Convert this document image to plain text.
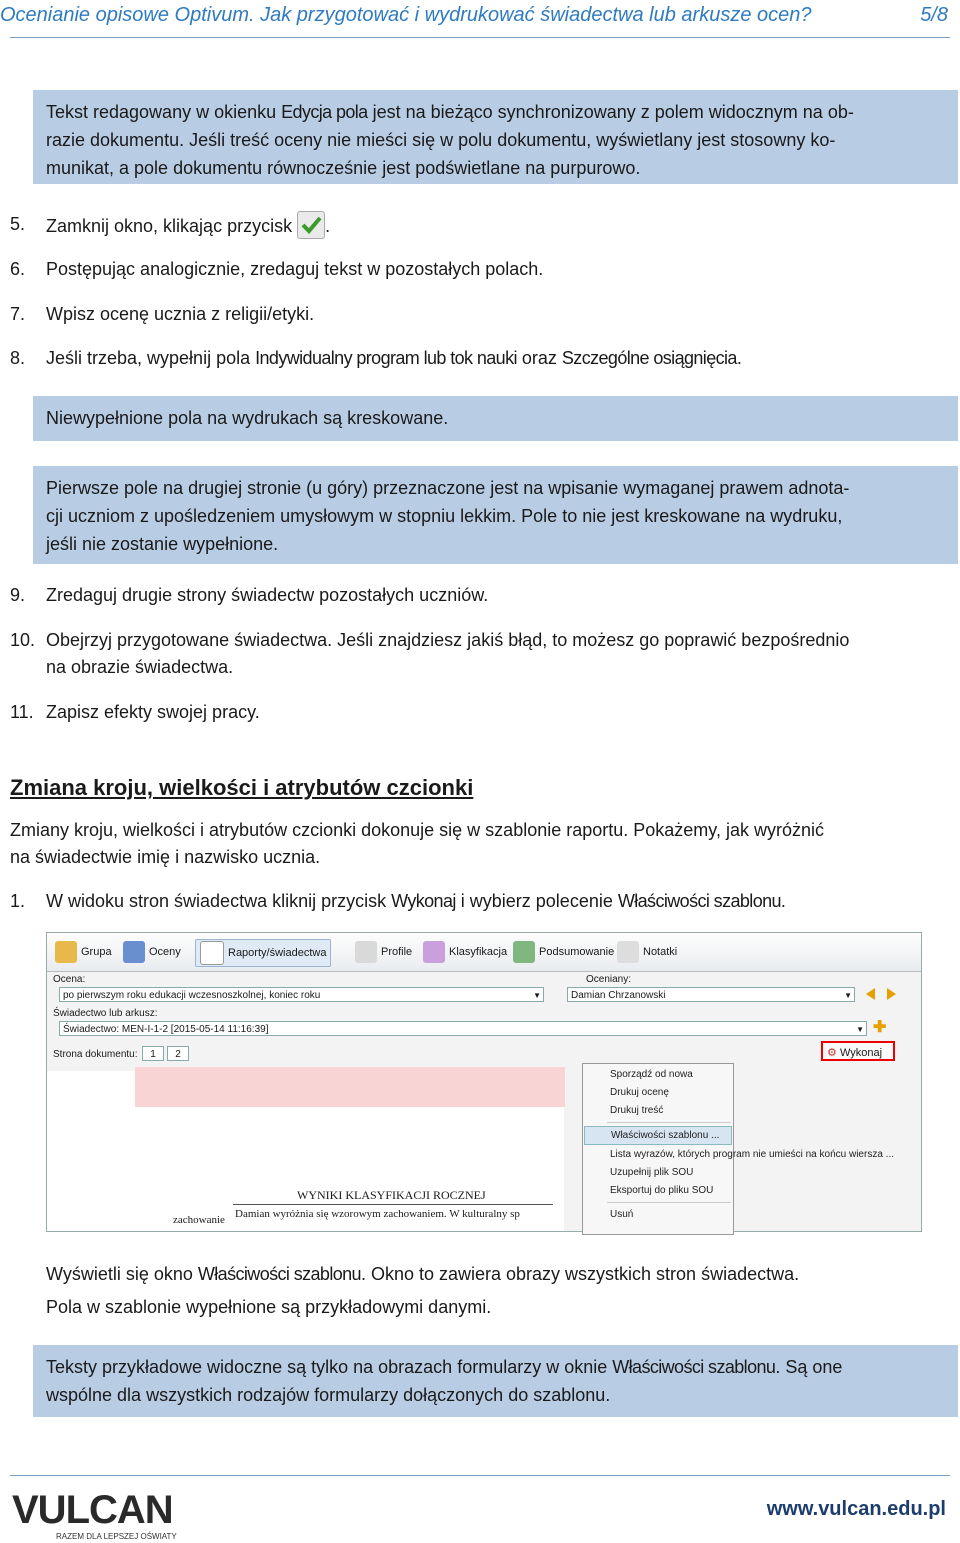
Ocenianie opisowe Optivum. Jak przygotować i wydrukować świadectwa lub arkusze ocen?	5/8
Tekst redagowany w okienku Edycja pola jest na bieżąco synchronizowany z polem widocznym na ob-
razie dokumentu. Jeśli treść oceny nie mieści się w polu dokumentu, wyświetlany jest stosowny ko-
munikat, a pole dokumentu równocześnie jest podświetlane na purpurowo.
5. Zamknij okno, klikając przycisk .
6. Postępując analogicznie, zredaguj tekst w pozostałych polach.
7. Wpisz ocenę ucznia z religii/etyki.
8. Jeśli trzeba, wypełnij pola Indywidualny program lub tok nauki oraz Szczególne osiągnięcia.
Niewypełnione pola na wydrukach są kreskowane.
Pierwsze pole na drugiej stronie (u góry) przeznaczone jest na wpisanie wymaganej prawem adnota-
cji uczniom z upośledzeniem umysłowym w stopniu lekkim. Pole to nie jest kreskowane na wydruku,
jeśli nie zostanie wypełnione.
9. Zredaguj drugie strony świadectw pozostałych uczniów.
10. Obejrzyj przygotowane świadectwa. Jeśli znajdziesz jakiś błąd, to możesz go poprawić bezpośrednio
na obrazie świadectwa.
11. Zapisz efekty swojej pracy.
Zmiana kroju, wielkości i atrybutów czcionki
Zmiany kroju, wielkości i atrybutów czcionki dokonuje się w szablonie raportu. Pokażemy, jak wyróżnić
na świadectwie imię i nazwisko ucznia.
1. W widoku stron świadectwa kliknij przycisk Wykonaj i wybierz polecenie Właściwości szablonu.
Grupa	Oceny	Raporty/świadectwa	Profile	Klasyfikacja	Podsumowanie	Notatki
Ocena:
po pierwszym roku edukacji wczesnoszkolnej, koniec roku	▼
Oceniany:
Damian Chrzanowski	▼
Świadectwo lub arkusz:
Świadectwo: MEN-I-1-2 [2015-05-14 11:16:39]	▼ ✚
Strona dokumentu:	1	2	⚙ Wykonaj
WYNIKI KLASYFIKACJI ROCZNEJ
zachowanie Damian wyróżnia się wzorowym zachowaniem. W kulturalny sp
Sporządź od nowa
Drukuj ocenę
Drukuj treść
Właściwości szablonu ...
Lista wyrazów, których program nie umieści na końcu wiersza ...
Uzupełnij plik SOU
Eksportuj do pliku SOU
Usuń
Wyświetli się okno Właściwości szablonu. Okno to zawiera obrazy wszystkich stron świadectwa.
Pola w szablonie wypełnione są przykładowymi danymi.
Teksty przykładowe widoczne są tylko na obrazach formularzy w oknie Właściwości szablonu. Są one
wspólne dla wszystkich rodzajów formularzy dołączonych do szablonu.
VULCAN
RAZEM DLA LEPSZEJ OŚWIATY
www.vulcan.edu.pl
